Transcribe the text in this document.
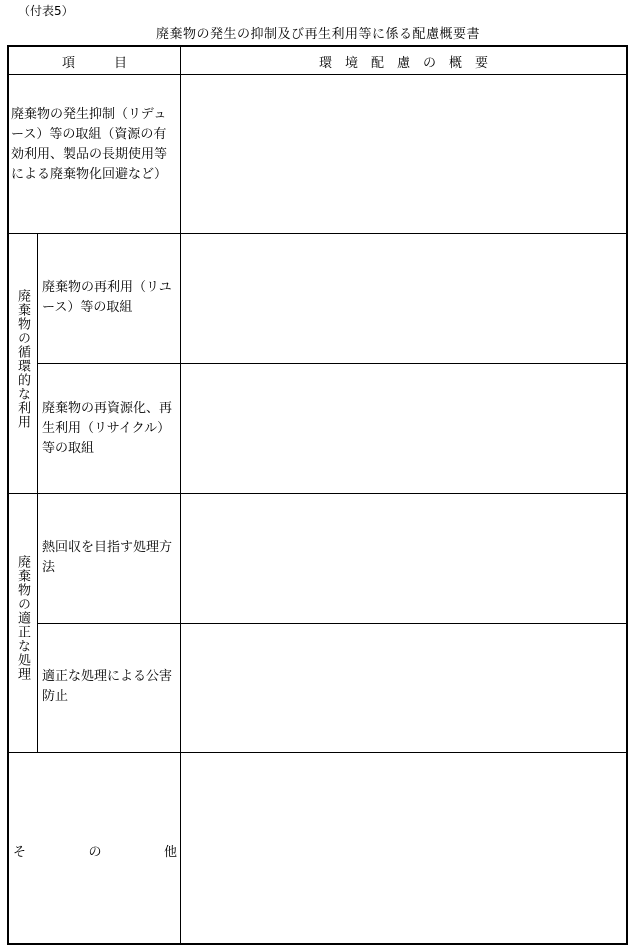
（付表5）
廃棄物の発生の抑制及び再生利用等に係る配慮概要書
項　　　目	環　境　配　慮　の　概　要
廃棄物の発生抑制（リデュース）等の取組（資源の有効利用、製品の長期使用等による廃棄物化回避など）
廃棄物の循環的な利用
廃棄物の再利用（リユース）等の取組
廃棄物の再資源化、再生利用（リサイクル）等の取組
廃棄物の適正な処理
熱回収を目指す処理方法
適正な処理による公害防止
そ	の	他
